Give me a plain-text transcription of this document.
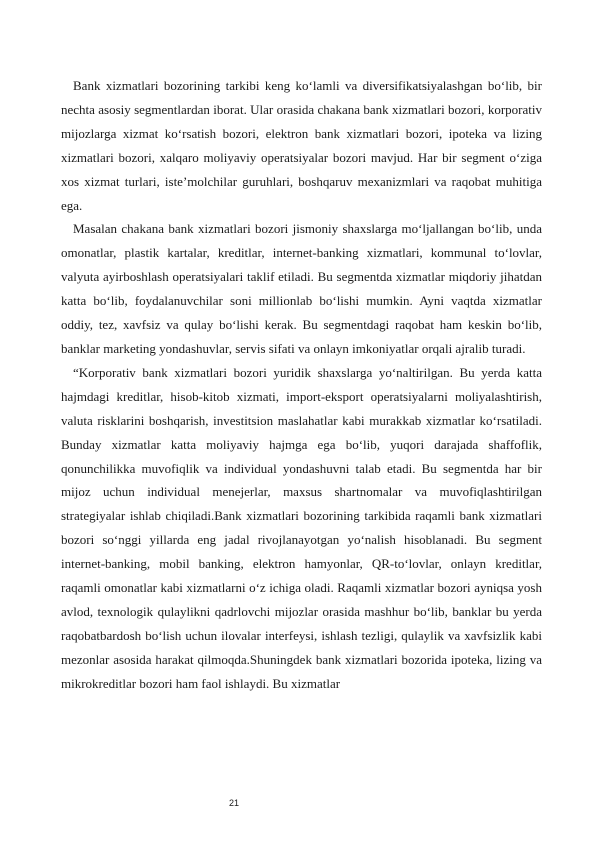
Bank xizmatlari bozorining tarkibi keng ko‘lamli va diversifikatsiyalashgan bo‘lib, bir nechta asosiy segmentlardan iborat. Ular orasida chakana bank xizmatlari bozori, korporativ mijozlarga xizmat ko‘rsatish bozori, elektron bank xizmatlari bozori, ipoteka va lizing xizmatlari bozori, xalqaro moliyaviy operatsiyalar bozori mavjud. Har bir segment o‘ziga xos xizmat turlari, iste’molchilar guruhlari, boshqaruv mexanizmlari va raqobat muhitiga ega.

Masalan chakana bank xizmatlari bozori jismoniy shaxslarga mo‘ljallangan bo‘lib, unda omonatlar, plastik kartalar, kreditlar, internet-banking xizmatlari, kommunal to‘lovlar, valyuta ayirboshlash operatsiyalari taklif etiladi. Bu segmentda xizmatlar miqdoriy jihatdan katta bo‘lib, foydalanuvchilar soni millionlab bo‘lishi mumkin. Ayni vaqtda xizmatlar oddiy, tez, xavfsiz va qulay bo‘lishi kerak. Bu segmentdagi raqobat ham keskin bo‘lib, banklar marketing yondashuvlar, servis sifati va onlayn imkoniyatlar orqali ajralib turadi.

“Korporativ bank xizmatlari bozori yuridik shaxslarga yo‘naltirilgan. Bu yerda katta hajmdagi kreditlar, hisob-kitob xizmati, import-eksport operatsiyalarni moliyalashtirish, valuta risklarini boshqarish, investitsion maslahatlar kabi murakkab xizmatlar ko‘rsatiladi. Bunday xizmatlar katta moliyaviy hajmga ega bo‘lib, yuqori darajada shaffoflik, qonunchilikka muvofiqlik va individual yondashuvni talab etadi. Bu segmentda har bir mijoz uchun individual menejerlar, maxsus shartnomalar va muvofiqlashtirilgan strategiyalar ishlab chiqiladi.Bank xizmatlari bozorining tarkibida raqamli bank xizmatlari bozori so‘nggi yillarda eng jadal rivojlanayotgan yo‘nalish hisoblanadi. Bu segment internet-banking, mobil banking, elektron hamyonlar, QR-to‘lovlar, onlayn kreditlar, raqamli omonatlar kabi xizmatlarni o‘z ichiga oladi. Raqamli xizmatlar bozori ayniqsa yosh avlod, texnologik qulaylikni qadrlovchi mijozlar orasida mashhur bo‘lib, banklar bu yerda raqobatbardosh bo‘lish uchun ilovalar interfeysi, ishlash tezligi, qulaylik va xavfsizlik kabi mezonlar asosida harakat qilmoqda.Shuningdek bank xizmatlari bozorida ipoteka, lizing va mikrokreditlar bozori ham faol ishlaydi. Bu xizmatlar

21
